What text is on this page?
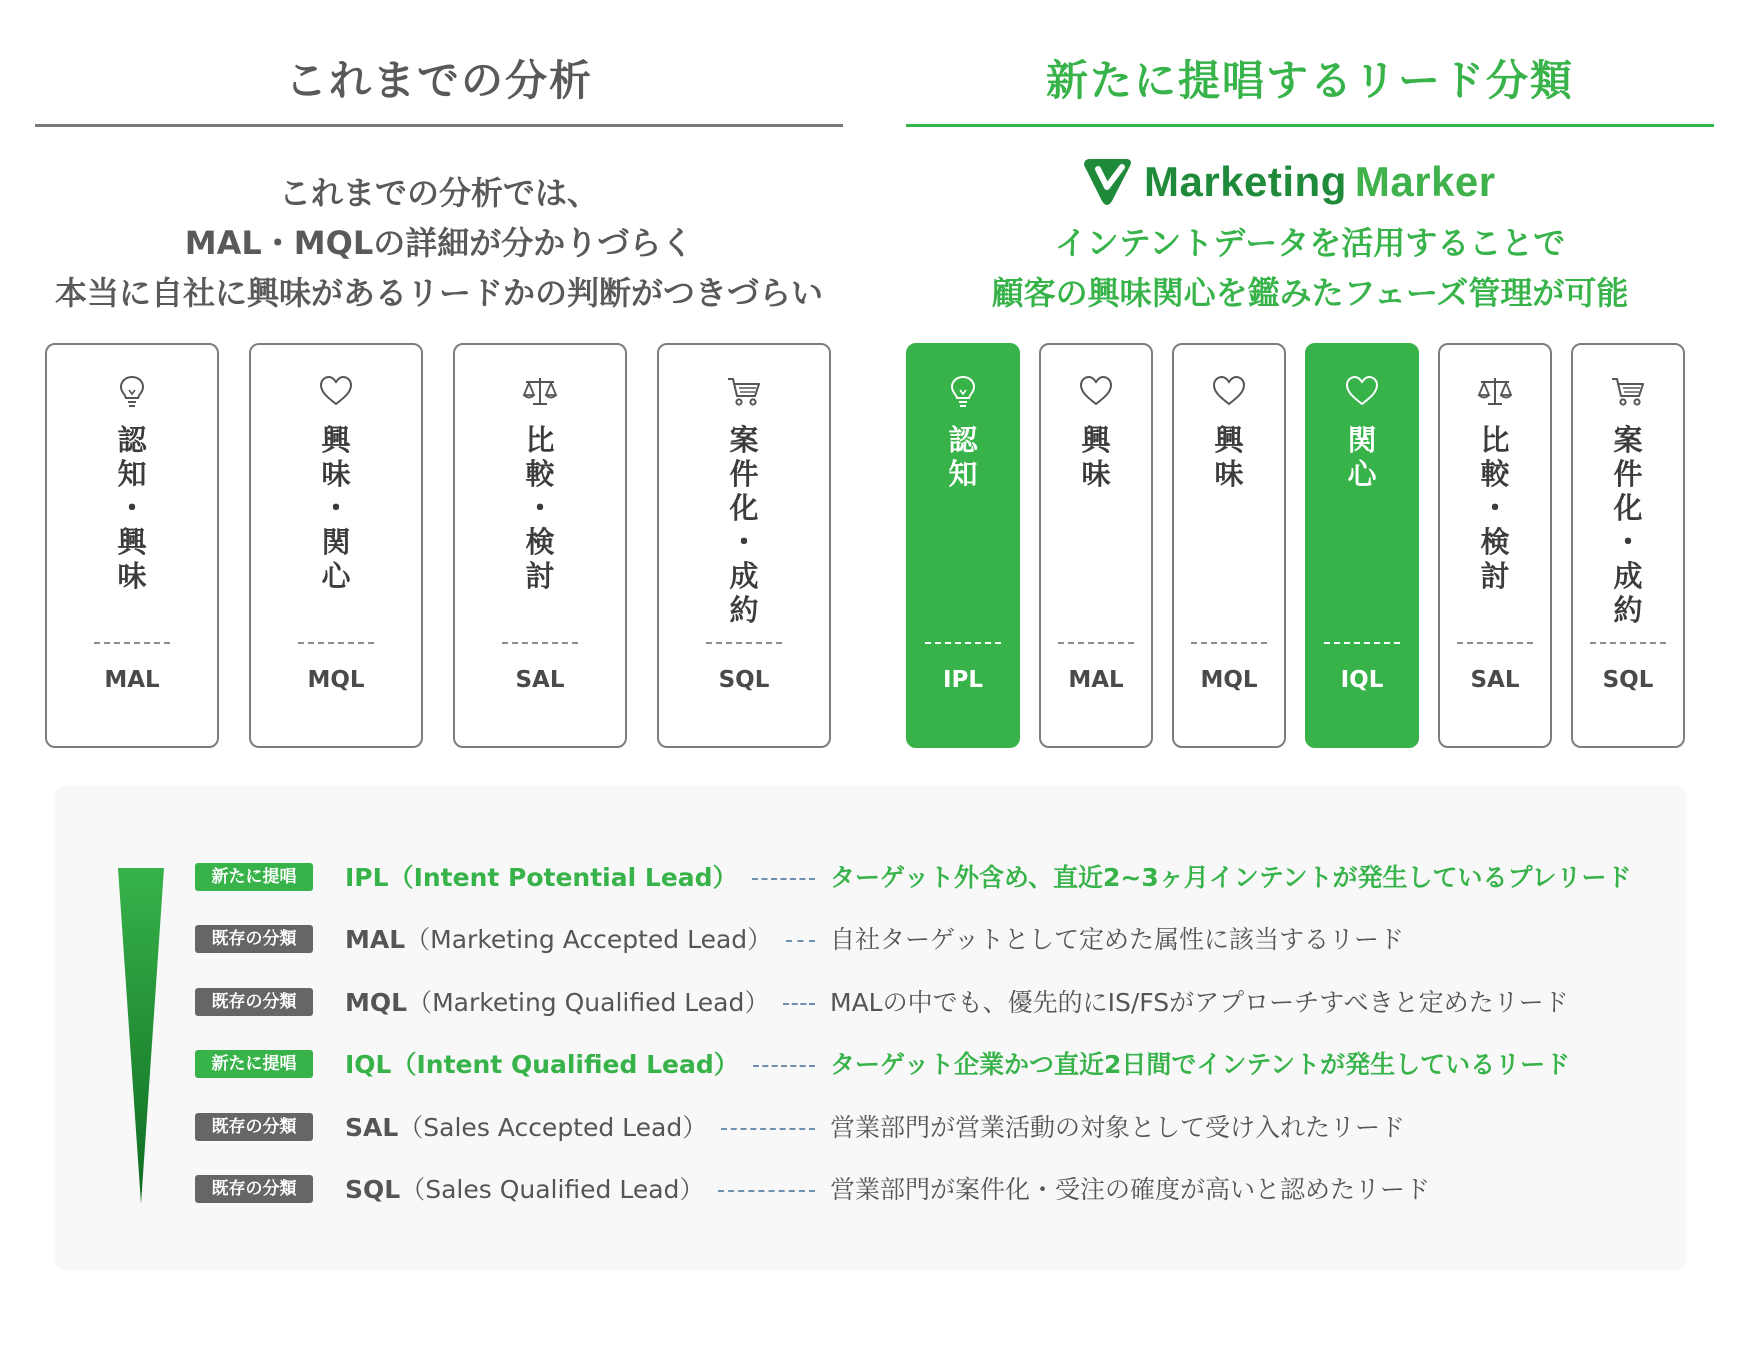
これまでの分析
これまでの分析では、
MAL・MQLの詳細が分かりづらく
本当に自社に興味があるリードかの判断がつきづらい
認
知
・
興
味
MAL
興
味
・
関
心
MQL
比
較
・
検
討
SAL
案
件
化
・
成
約
SQL
新たに提唱するリード分類
Marketing Marker
インテントデータを活用することで
顧客の興味関心を鑑みたフェーズ管理が可能
認
知
IPL
興
味
MAL
興
味
MQL
関
心
IQL
比
較
・
検
討
SAL
案
件
化
・
成
約
SQL
新たに提唱	IPL（Intent Potential Lead）	ターゲット外含め、直近2~3ヶ月インテントが発生しているプレリード
既存の分類	MAL（Marketing Accepted Lead） 自社ターゲットとして定めた属性に該当するリード
既存の分類	MQL（Marketing Qualified Lead） MALの中でも、優先的にIS/FSがアプローチすべきと定めたリード
新たに提唱	IQL（Intent Qualified Lead）	ターゲット企業かつ直近2日間でインテントが発生しているリード
既存の分類	SAL（Sales Accepted Lead）	営業部門が営業活動の対象として受け入れたリード
既存の分類	SQL（Sales Qualified Lead）	営業部門が案件化・受注の確度が高いと認めたリード
